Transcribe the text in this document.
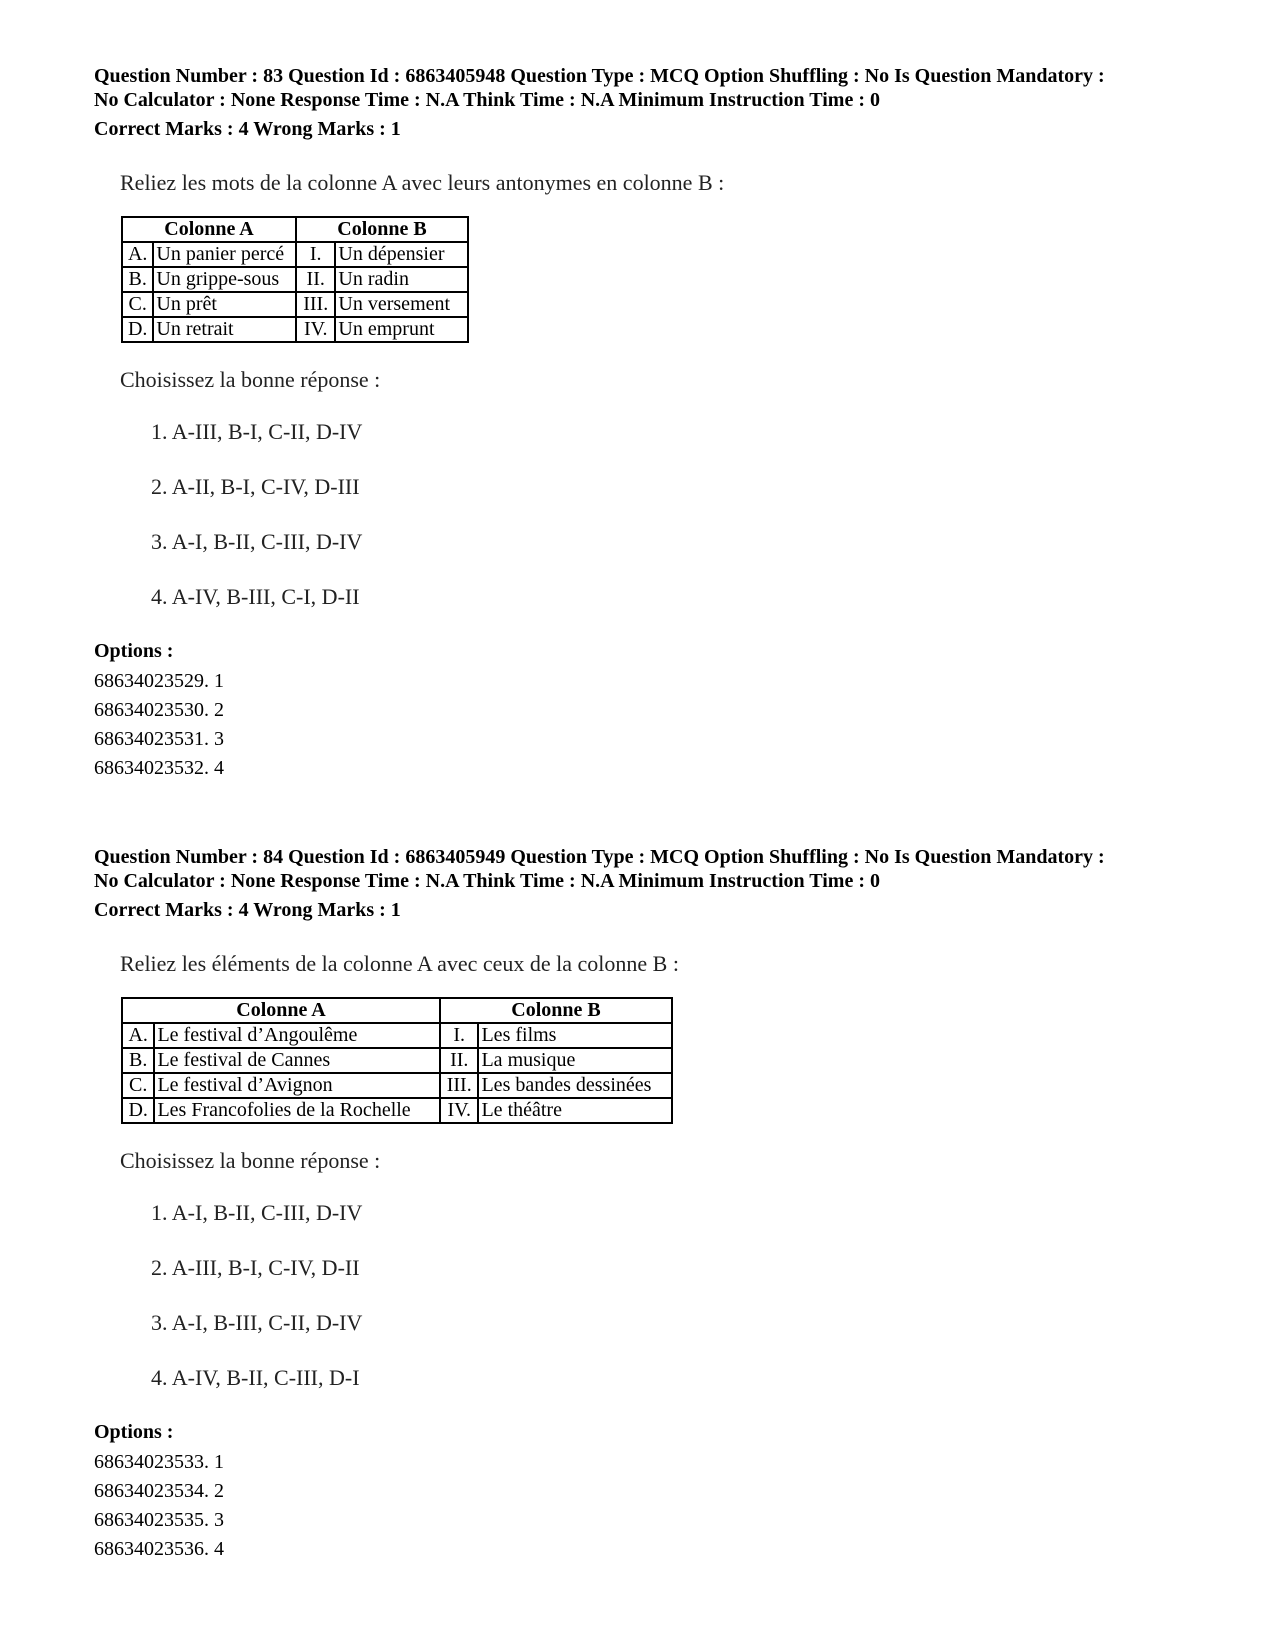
Question Number : 83 Question Id : 6863405948 Question Type : MCQ Option Shuffling : No Is Question Mandatory :
No Calculator : None Response Time : N.A Think Time : N.A Minimum Instruction Time : 0
Correct Marks : 4 Wrong Marks : 1
Reliez les mots de la colonne A avec leurs antonymes en colonne B :
Colonne A		Colonne B	
A.	Un panier percé	I.	Un dépensier
B.	Un grippe-sous	II.	Un radin
C.	Un prêt	III.	Un versement
D.	Un retrait	IV.	Un emprunt
Choisissez la bonne réponse :
1. A-III, B-I, C-II, D-IV
2. A-II, B-I, C-IV, D-III
3. A-I, B-II, C-III, D-IV
4. A-IV, B-III, C-I, D-II
Options :
68634023529. 1
68634023530. 2
68634023531. 3
68634023532. 4
Question Number : 84 Question Id : 6863405949 Question Type : MCQ Option Shuffling : No Is Question Mandatory :
No Calculator : None Response Time : N.A Think Time : N.A Minimum Instruction Time : 0
Correct Marks : 4 Wrong Marks : 1
Reliez les éléments de la colonne A avec ceux de la colonne B :
Colonne A		Colonne B	
A.	Le festival d’Angoulême	I.	Les films
B.	Le festival de Cannes	II.	La musique
C.	Le festival d’Avignon	III.	Les bandes dessinées
D.	Les Francofolies de la Rochelle	IV.	Le théâtre
Choisissez la bonne réponse :
1. A-I, B-II, C-III, D-IV
2. A-III, B-I, C-IV, D-II
3. A-I, B-III, C-II, D-IV
4. A-IV, B-II, C-III, D-I
Options :
68634023533. 1
68634023534. 2
68634023535. 3
68634023536. 4
